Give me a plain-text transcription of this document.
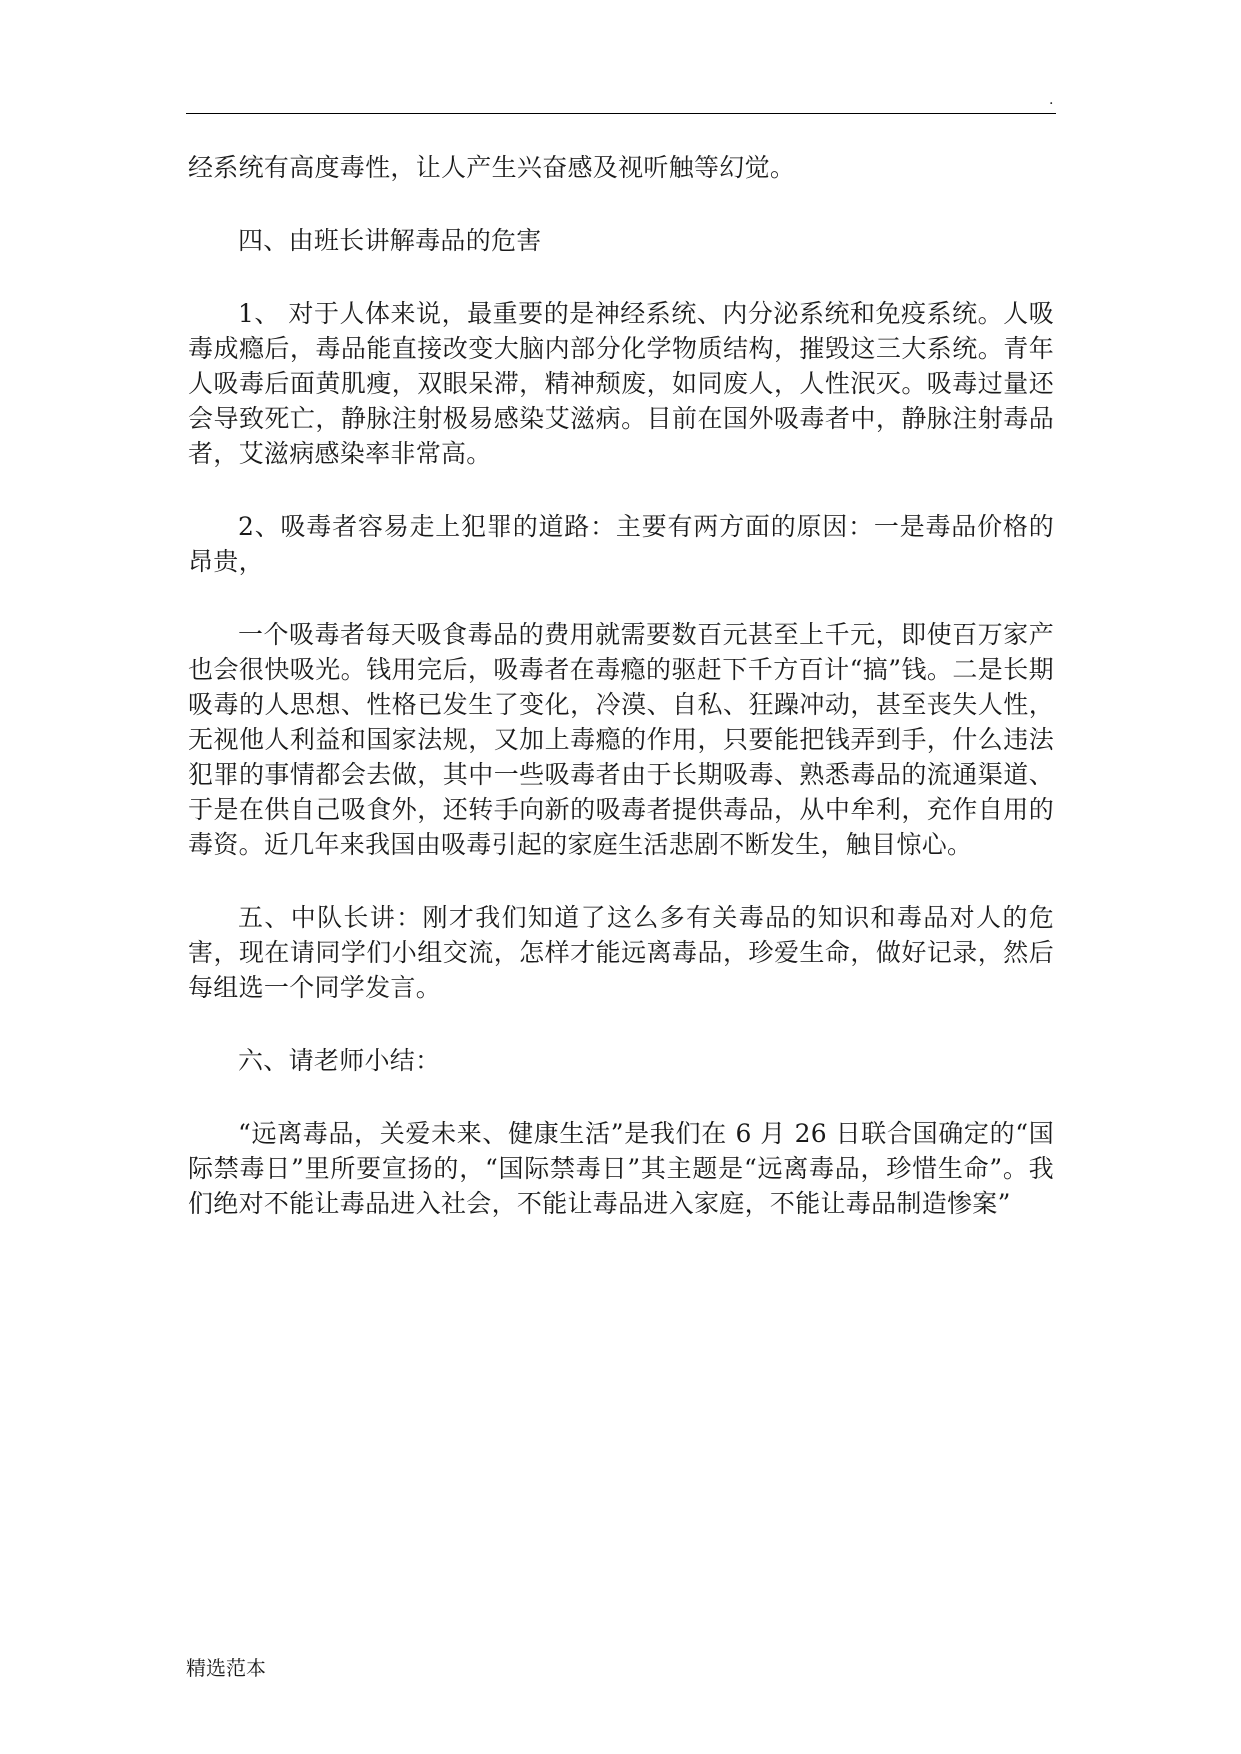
.

经系统有高度毒性，让人产生兴奋感及视听触等幻觉。

四、由班长讲解毒品的危害

1、 对于人体来说，最重要的是神经系统、内分泌系统和免疫系统。人吸毒成瘾后，毒品能直接改变大脑内部分化学物质结构，摧毁这三大系统。青年人吸毒后面黄肌瘦，双眼呆滞，精神颓废，如同废人，人性泯灭。吸毒过量还会导致死亡，静脉注射极易感染艾滋病。目前在国外吸毒者中，静脉注射毒品者，艾滋病感染率非常高。

2、吸毒者容易走上犯罪的道路：主要有两方面的原因：一是毒品价格的昂贵，

一个吸毒者每天吸食毒品的费用就需要数百元甚至上千元，即使百万家产也会很快吸光。钱用完后，吸毒者在毒瘾的驱赶下千方百计“搞”钱。二是长期吸毒的人思想、性格已发生了变化，冷漠、自私、狂躁冲动，甚至丧失人性，无视他人利益和国家法规，又加上毒瘾的作用，只要能把钱弄到手，什么违法犯罪的事情都会去做，其中一些吸毒者由于长期吸毒、熟悉毒品的流通渠道、于是在供自己吸食外，还转手向新的吸毒者提供毒品，从中牟利，充作自用的毒资。近几年来我国由吸毒引起的家庭生活悲剧不断发生，触目惊心。

五、中队长讲：刚才我们知道了这么多有关毒品的知识和毒品对人的危害，现在请同学们小组交流，怎样才能远离毒品，珍爱生命，做好记录，然后每组选一个同学发言。

六、请老师小结：

“远离毒品，关爱未来、健康生活”是我们在 6 月 26 日联合国确定的“国际禁毒日”里所要宣扬的，“国际禁毒日”其主题是“远离毒品，珍惜生命”。我们绝对不能让毒品进入社会，不能让毒品进入家庭，不能让毒品制造惨案”

精选范本
